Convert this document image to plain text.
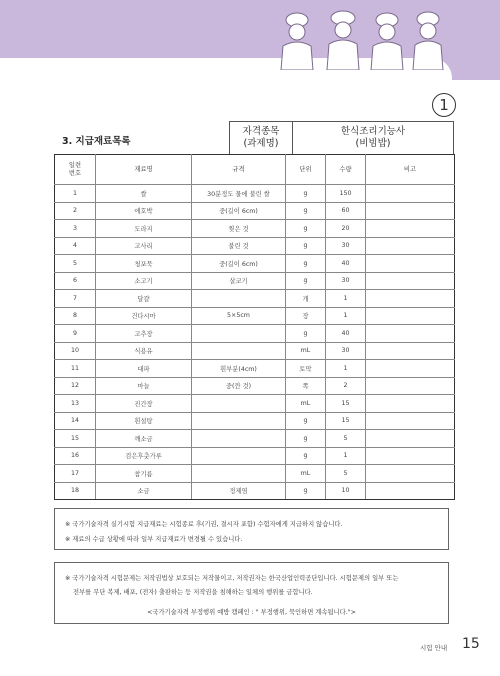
1
3. 지급재료목록
자격종목
(과제명)

한식조리기능사
(비빔밥)
일련
번호	재료명	규격	단위	수량	비고
1	쌀	30분정도 물에 불린 쌀	g	150	
2	애호박	중(길이 6cm)	g	60	
3	도라지	찢은 것	g	20	
4	고사리	불린 것	g	30	
5	청포묵	중(길이 6cm)	g	40	
6	소고기	살코기	g	30	
7	달걀		개	1	
8	건다시마	5×5cm	장	1	
9	고추장		g	40	
10	식용유		mL	30	
11	대파	흰부분(4cm)	토막	1	
12	마늘	중(깐 것)	쪽	2	
13	진간장		mL	15	
14	흰설탕		g	15	
15	깨소금		g	5	
16	검은후춧가루		g	1	
17	참기름		mL	5	
18	소금	정제염	g	10	
※ 국가기술자격 실기시험 지급재료는 시험종료 후(기권, 결시자 포함) 수험자에게 지급하지 않습니다.
※ 재료의 수급 상황에 따라 일부 지급재료가 변경될 수 있습니다.
※ 국가기술자격 시험문제는 저작권법상 보호되는 저작물이고, 저작권자는 한국산업인력공단입니다. 시험문제의 일부 또는
전부를 무단 복제, 배포, (전자) 출판하는 등 저작권을 침해하는 일체의 행위를 금합니다.
<국가기술자격 부정행위 예방 캠페인 : " 부정행위, 묵인하면 계속됩니다.">
시험 안내 15
